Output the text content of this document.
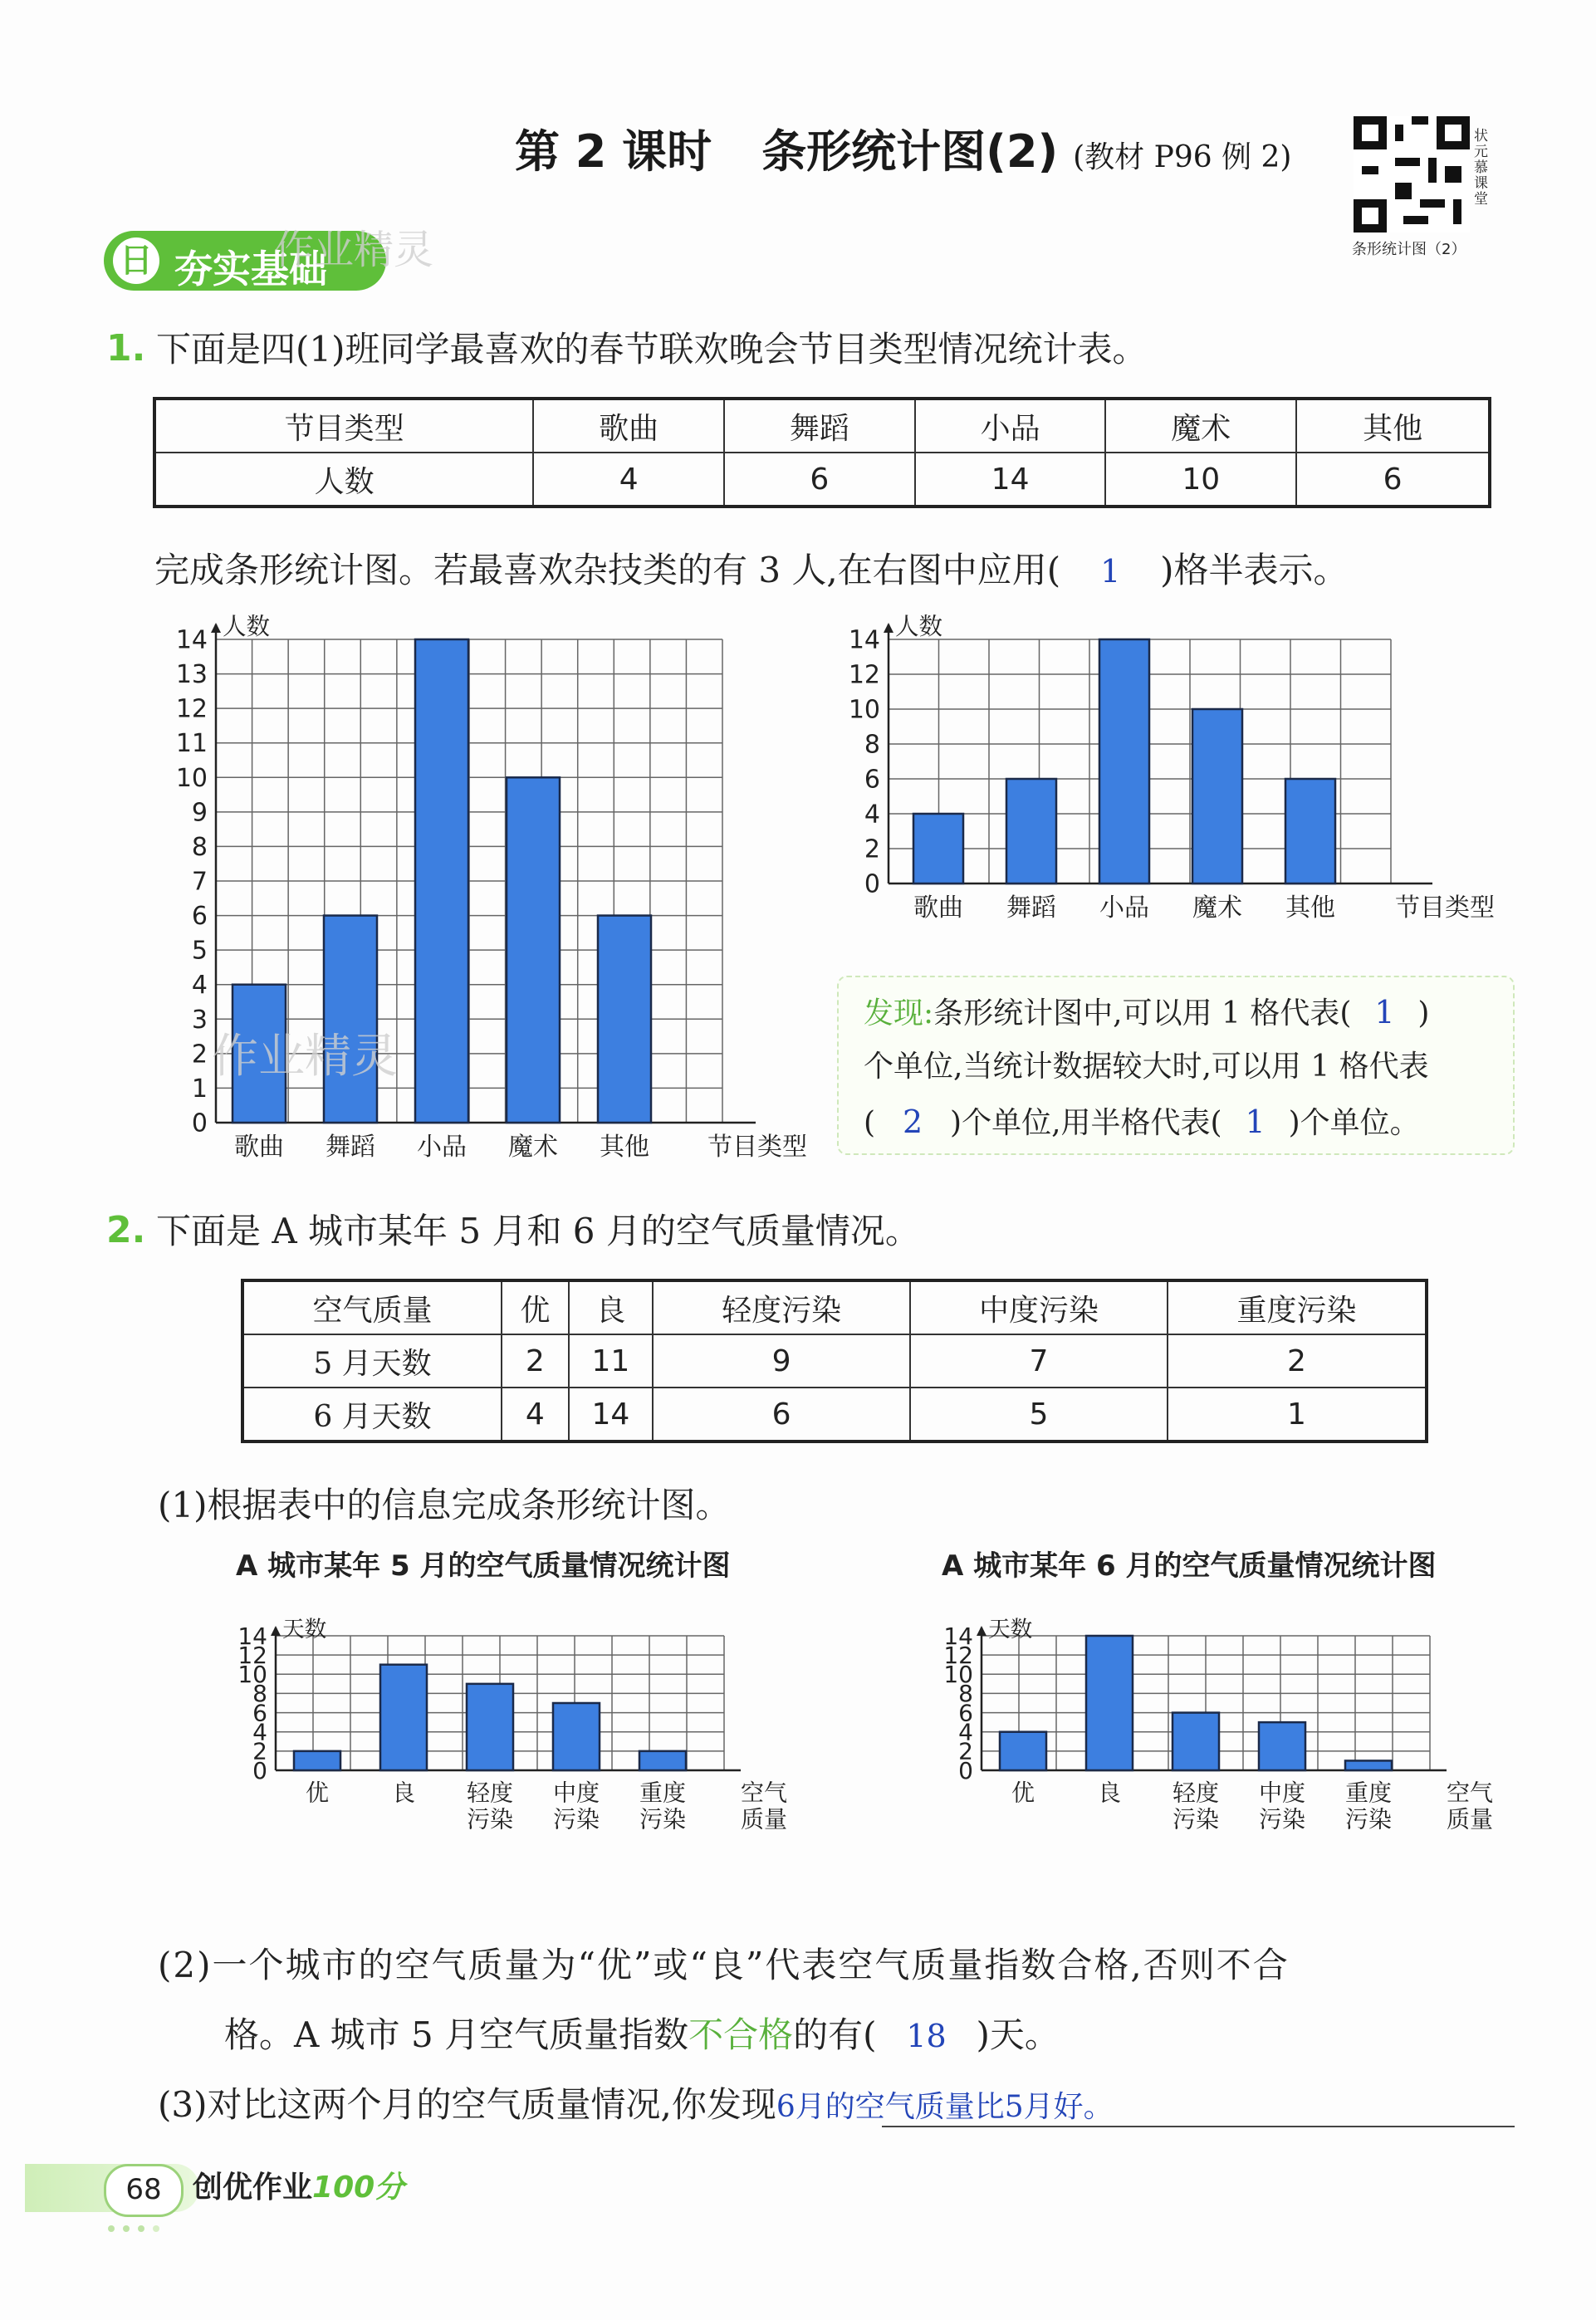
第 2 课时 条形统计图(2) (教材 P96 例 2)
状元慕课堂
条形统计图（2）
日 夯实基础
作业精灵
1. 下面是四(1)班同学最喜欢的春节联欢晚会节目类型情况统计表。
节目类型	歌曲	舞蹈	小品	魔术	其他
人数	4	6	14	10	6
完成条形统计图。若最喜欢杂技类的有 3 人,在右图中应用( 1 )格半表示。
人数
0
1
2
3
4
5
6
7
8
9
10
11
12
13
14
歌曲 舞蹈 小品 魔术 其他 节目类型
人数
0
2
4
6
8
10
12
14
歌曲 舞蹈 小品 魔术 其他 节目类型
作业精灵
发现:条形统计图中,可以用 1 格代表( 1 )
个单位,当统计数据较大时,可以用 1 格代表
( 2 )个单位,用半格代表( 1 )个单位。
2. 下面是 A 城市某年 5 月和 6 月的空气质量情况。
空气质量	优	良	轻度污染	中度污染	重度污染
5 月天数	2	11	9	7	2
6 月天数	4	14	6	5	1
(1)根据表中的信息完成条形统计图。
A 城市某年 5 月的空气质量情况统计图	A 城市某年 6 月的空气质量情况统计图
天数
0
2
4
6
8
10
12
14
优	良 轻度
污染
中度
污染
重度
污染
空气
质量
天数
0
2
4
6
8
10
12
14
优	良 轻度
污染
中度
污染
重度
污染
空气
质量
(2)一个城市的空气质量为“优”或“良”代表空气质量指数合格,否则不合
格。A 城市 5 月空气质量指数不合格的有( 18 )天。
(3)对比这两个月的空气质量情况,你发现6月的空气质量比5月好。
68	创优作业100分
